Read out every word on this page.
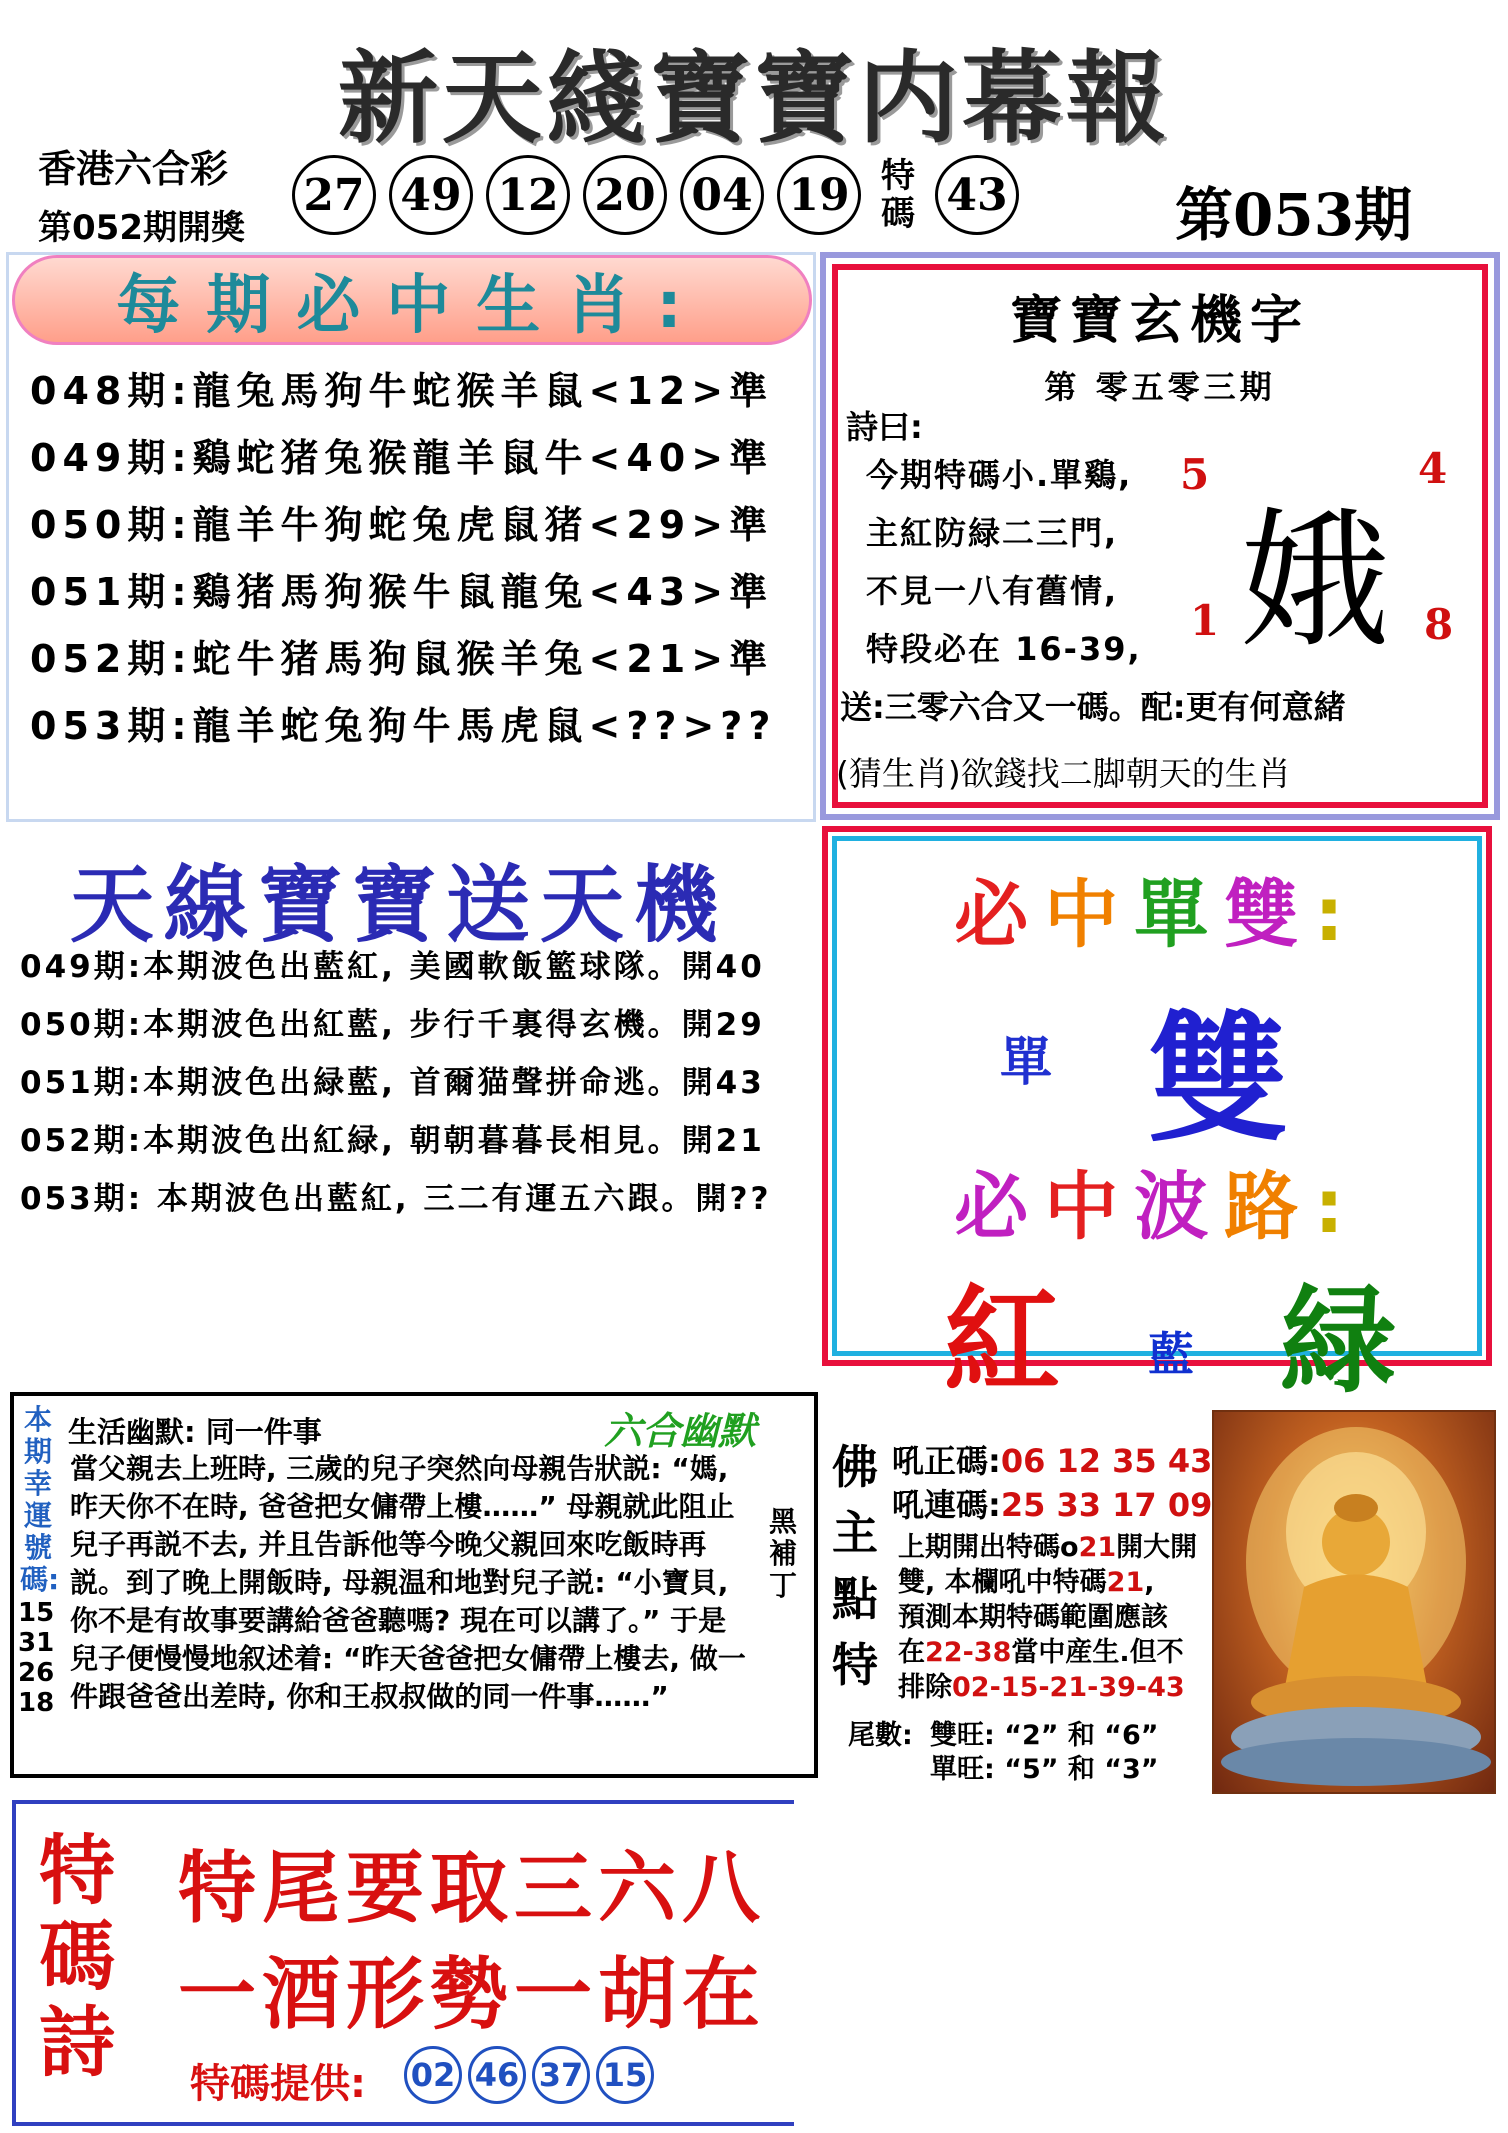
新天綫寶寶内幕報
香港六合彩
第052期開獎
27 49 12 20 04 19 特碼 43	第053期
每期必中生肖:
048期:龍兔馬狗牛蛇猴羊鼠<12>準
049期:鷄蛇猪兔猴龍羊鼠牛<40>準
050期:龍羊牛狗蛇兔虎鼠猪<29>準
051期:鷄猪馬狗猴牛鼠龍兔<43>準
052期:蛇牛猪馬狗鼠猴羊兔<21>準
053期:龍羊蛇兔狗牛馬虎鼠<??>??
寶寶玄機字
第 零五零三期
詩曰:
今期特碼小.單鷄,
主紅防緑二三門,
不見一八有舊情,
特段必在 16-39, 娥
5	4
1	8
送:三零六合又一碼。配:更有何意緒
(猜生肖)欲錢找二脚朝天的生肖
天線寶寶送天機
049期:本期波色出藍紅, 美國軟飯籃球隊。開40
050期:本期波色出紅藍, 步行千裏得玄機。開29
051期:本期波色出緑藍, 首爾猫聲拼命逃。開43
052期:本期波色出紅緑, 朝朝暮暮長相見。開21
053期: 本期波色出藍紅, 三二有運五六跟。開??
必中單雙:
單 雙
必中波路:
紅 藍 緑
本期幸運號碼:
15 31 26 18
生活幽默: 同一件事	六合幽默
當父親去上班時, 三歲的兒子突然向母親告狀説: “媽, 昨天你不在時, 爸爸把女傭帶上樓……” 母親就此阻止兒子再説不去, 并且告訴他等今晚父親回來吃飯時再説。到了晚上開飯時, 母親温和地對兒子説: “小寶貝, 你不是有故事要講給爸爸聽嗎? 現在可以講了。” 于是兒子便慢慢地叙述着: “昨天爸爸把女傭帶上樓去, 做一件跟爸爸出差時, 你和王叔叔做的同一件事……”
黑補丁
佛主點特
吼正碼:06 12 35 43
吼連碼:25 33 17 09
上期開出特碼o21開大開
雙, 本欄吼中特碼21,
預測本期特碼範圍應該
在22-38當中産生.但不
排除02-15-21-39-43
尾數: 雙旺: “2” 和 “6”
單旺: “5” 和 “3”
特碼詩
特尾要取三六八
一酒形勢一胡在
特碼提供: 02 46 37 15
